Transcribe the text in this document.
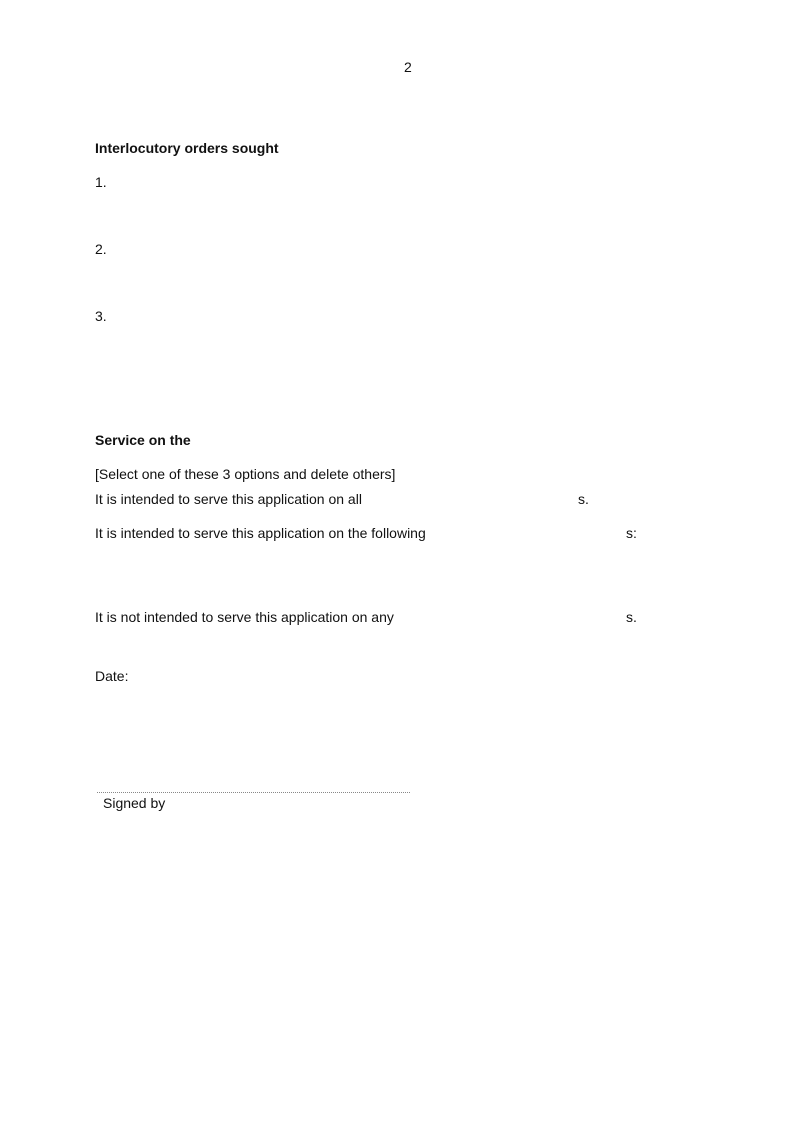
2
Interlocutory orders sought
1.
2.
3.
Service on the
[Select one of these 3 options and delete others]
It is intended to serve this application on all	s.
It is intended to serve this application on the following	s:
It is not intended to serve this application on any	s.
Date:
Signed by
